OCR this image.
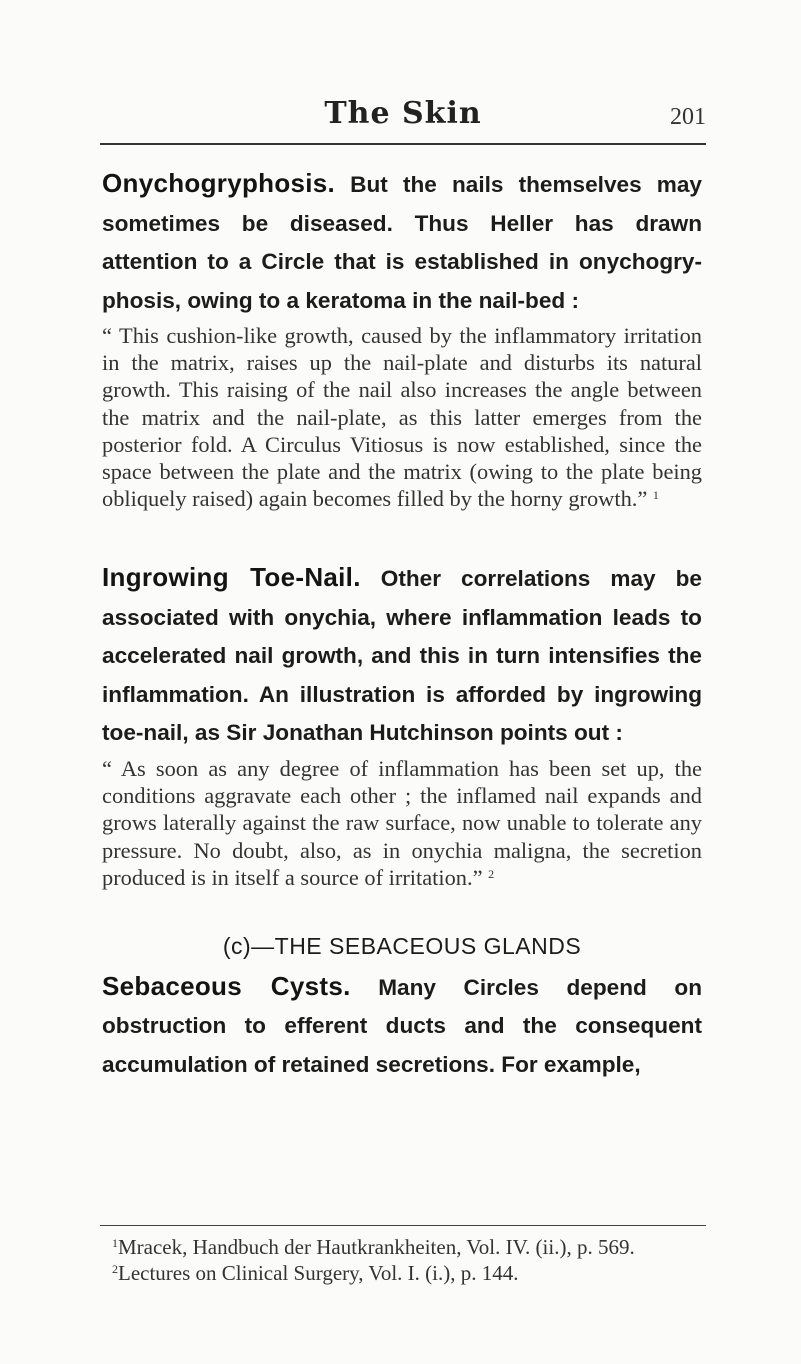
The Skin	201

Onychogryphosis. But the nails themselves may sometimes be diseased. Thus Heller has drawn attention to a Circle that is established in onychogry-phosis, owing to a keratoma in the nail-bed :

“ This cushion-like growth, caused by the inflammatory irritation in the matrix, raises up the nail-plate and disturbs its natural growth. This raising of the nail also increases the angle between the matrix and the nail-plate, as this latter emerges from the posterior fold. A Circulus Vitiosus is now established, since the space between the plate and the matrix (owing to the plate being obliquely raised) again becomes filled by the horny growth.” $^1$

Ingrowing Toe-Nail. Other correlations may be associated with onychia, where inflammation leads to accelerated nail growth, and this in turn intensifies the inflammation. An illustration is afforded by ingrowing toe-nail, as Sir Jonathan Hutchinson points out :

“ As soon as any degree of inflammation has been set up, the conditions aggravate each other ; the inflamed nail expands and grows laterally against the raw surface, now unable to tolerate any pressure. No doubt, also, as in onychia maligna, the secretion produced is in itself a source of irritation.” $^2$

(c)—THE SEBACEOUS GLANDS

Sebaceous Cysts. Many Circles depend on obstruction to efferent ducts and the consequent accumulation of retained secretions. For example,

$^1$Mracek, Handbuch der Hautkrankheiten, Vol. IV. (ii.), p. 569.

$^2$Lectures on Clinical Surgery, Vol. I. (i.), p. 144.
